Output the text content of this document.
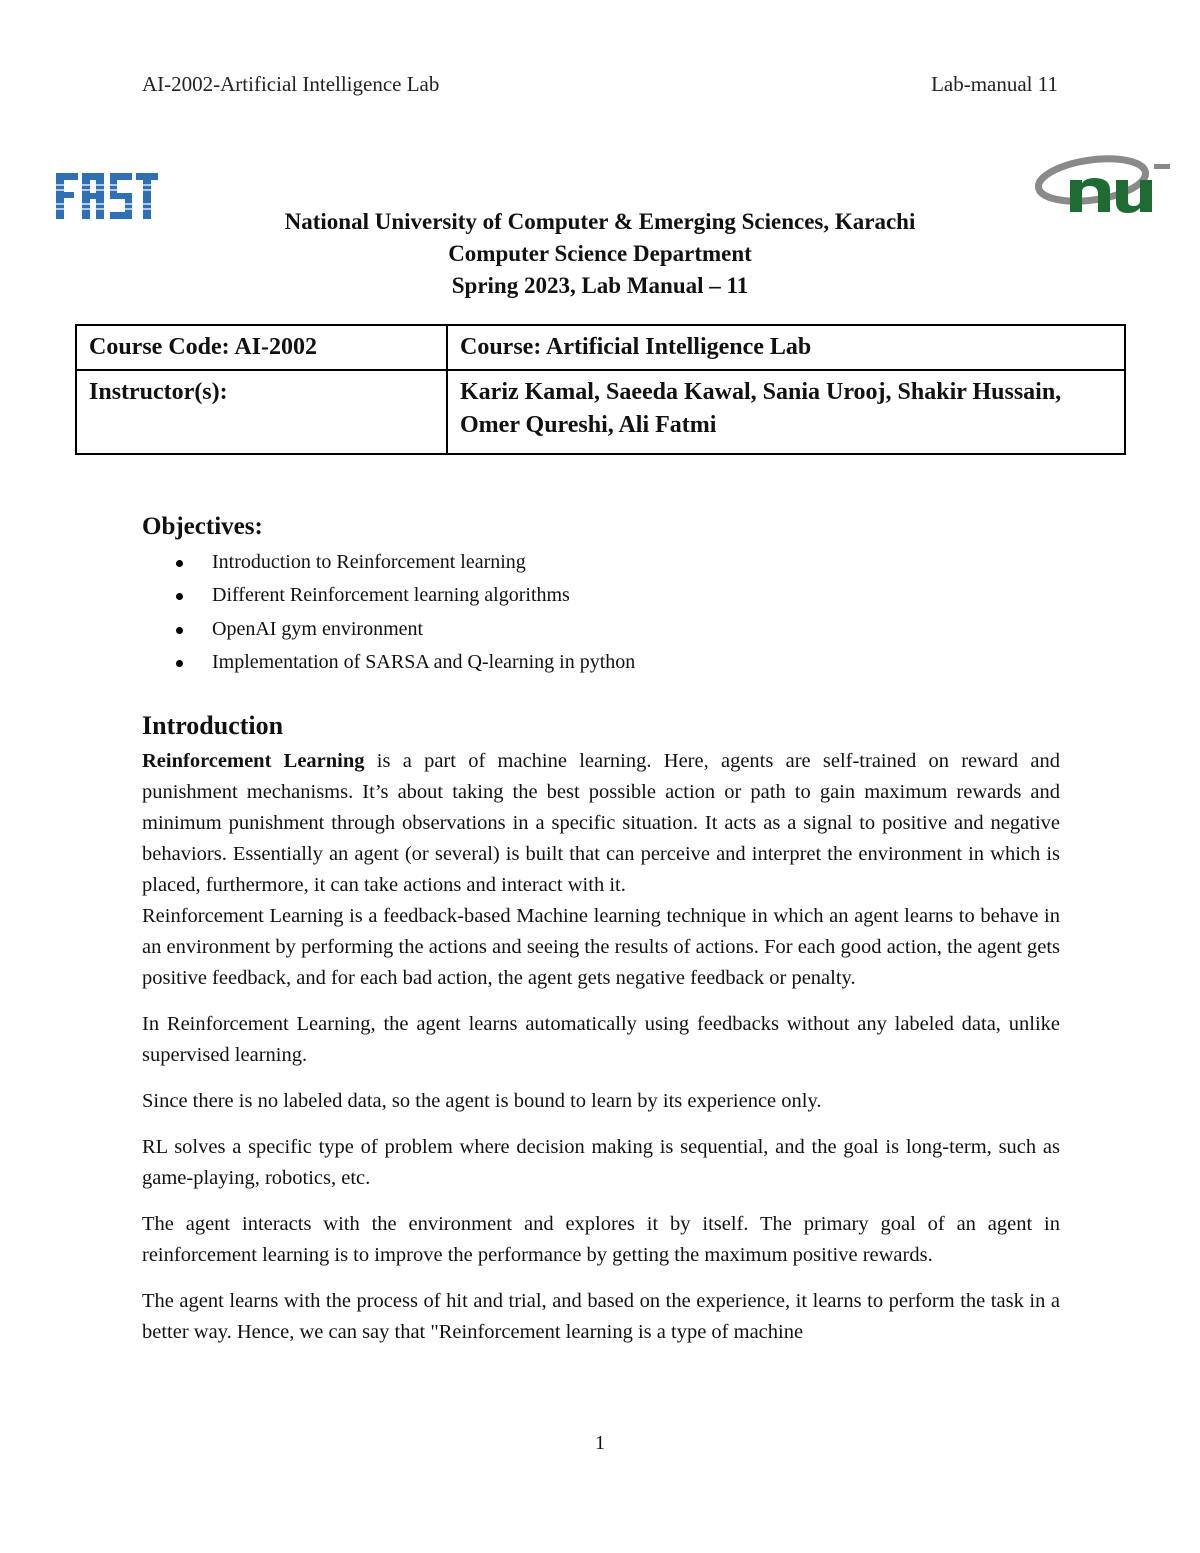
AI-2002-Artificial Intelligence Lab	Lab-manual 11
National University of Computer & Emerging Sciences, Karachi
Computer Science Department
Spring 2023, Lab Manual – 11
Course Code: AI-2002	Course: Artificial Intelligence Lab
Instructor(s):	Kariz Kamal, Saeeda Kawal, Sania Urooj, Shakir Hussain, Omer Qureshi, Ali Fatmi
Objectives:
Introduction to Reinforcement learning
Different Reinforcement learning algorithms
OpenAI gym environment
Implementation of SARSA and Q-learning in python
Introduction

Reinforcement Learning is a part of machine learning. Here, agents are self-trained on reward and punishment mechanisms. It’s about taking the best possible action or path to gain maximum rewards and minimum punishment through observations in a specific situation. It acts as a signal to positive and negative behaviors. Essentially an agent (or several) is built that can perceive and interpret the environment in which is placed, furthermore, it can take actions and interact with it.

Reinforcement Learning is a feedback-based Machine learning technique in which an agent learns to behave in an environment by performing the actions and seeing the results of actions. For each good action, the agent gets positive feedback, and for each bad action, the agent gets negative feedback or penalty.

In Reinforcement Learning, the agent learns automatically using feedbacks without any labeled data, unlike supervised learning.

Since there is no labeled data, so the agent is bound to learn by its experience only.

RL solves a specific type of problem where decision making is sequential, and the goal is long-term, such as game-playing, robotics, etc.

The agent interacts with the environment and explores it by itself. The primary goal of an agent in reinforcement learning is to improve the performance by getting the maximum positive rewards.

The agent learns with the process of hit and trial, and based on the experience, it learns to perform the task in a better way. Hence, we can say that "Reinforcement learning is a type of machine

1
